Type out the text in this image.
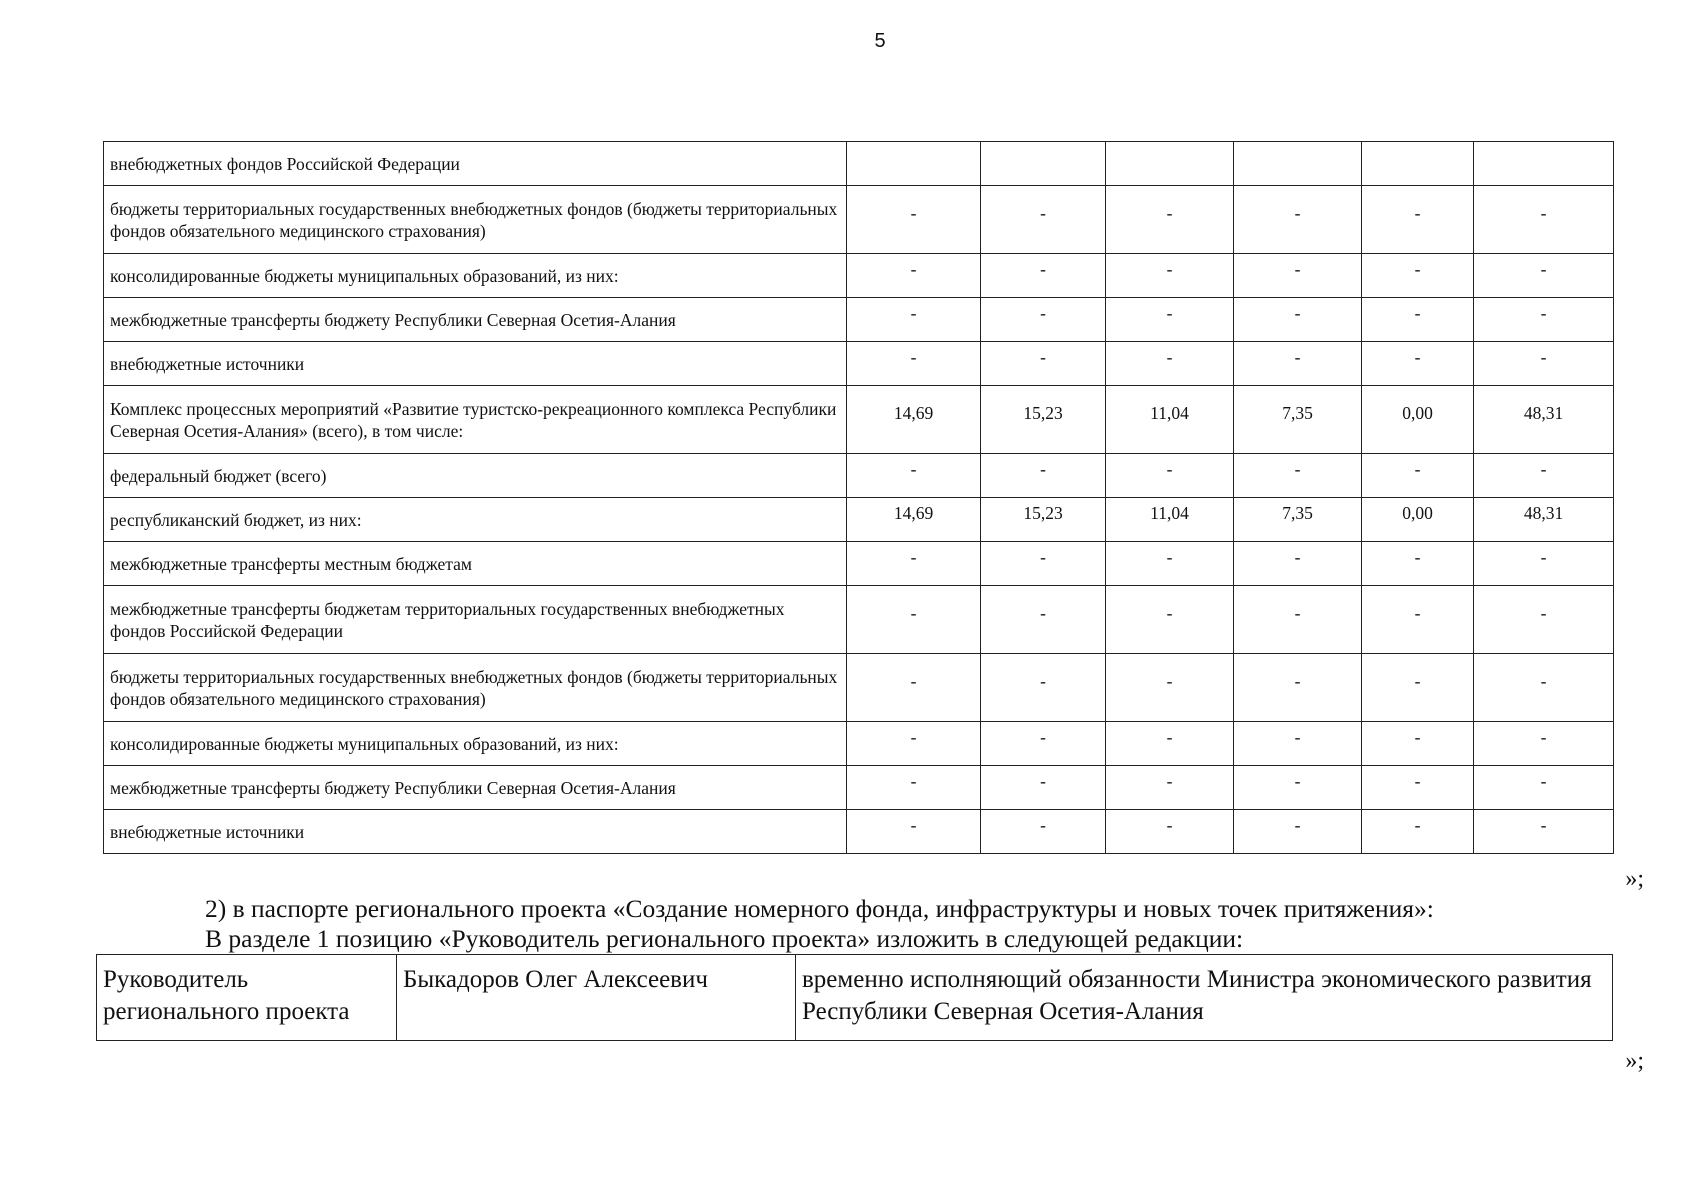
5
внебюджетных фондов Российской Федерации						
бюджеты территориальных государственных внебюджетных фондов (бюджеты территориальных фондов обязательного медицинского страхования)	-	-	-	-	-	-
консолидированные бюджеты муниципальных образований, из них:	-	-	-	-	-	-
межбюджетные трансферты бюджету Республики Северная Осетия-Алания	-	-	-	-	-	-
внебюджетные источники	-	-	-	-	-	-
Комплекс процессных мероприятий «Развитие туристско-рекреационного комплекса Республики Северная Осетия-Алания» (всего), в том числе:	14,69	15,23	11,04	7,35	0,00	48,31
федеральный бюджет (всего)	-	-	-	-	-	-
республиканский бюджет, из них:	14,69	15,23	11,04	7,35	0,00	48,31
межбюджетные трансферты местным бюджетам	-	-	-	-	-	-
межбюджетные трансферты бюджетам территориальных государственных внебюджетных фондов Российской Федерации	-	-	-	-	-	-
бюджеты территориальных государственных внебюджетных фондов (бюджеты территориальных фондов обязательного медицинского страхования)	-	-	-	-	-	-
консолидированные бюджеты муниципальных образований, из них:	-	-	-	-	-	-
межбюджетные трансферты бюджету Республики Северная Осетия-Алания	-	-	-	-	-	-
внебюджетные источники	-	-	-	-	-	-
»;
2) в паспорте регионального проекта «Создание номерного фонда, инфраструктуры и новых точек притяжения»:
В разделе 1 позицию «Руководитель регионального проекта» изложить в следующей редакции:
Руководитель регионального проекта	Быкадоров Олег Алексеевич	временно исполняющий обязанности Министра экономического развития Республики Северная Осетия-Алания
»;
